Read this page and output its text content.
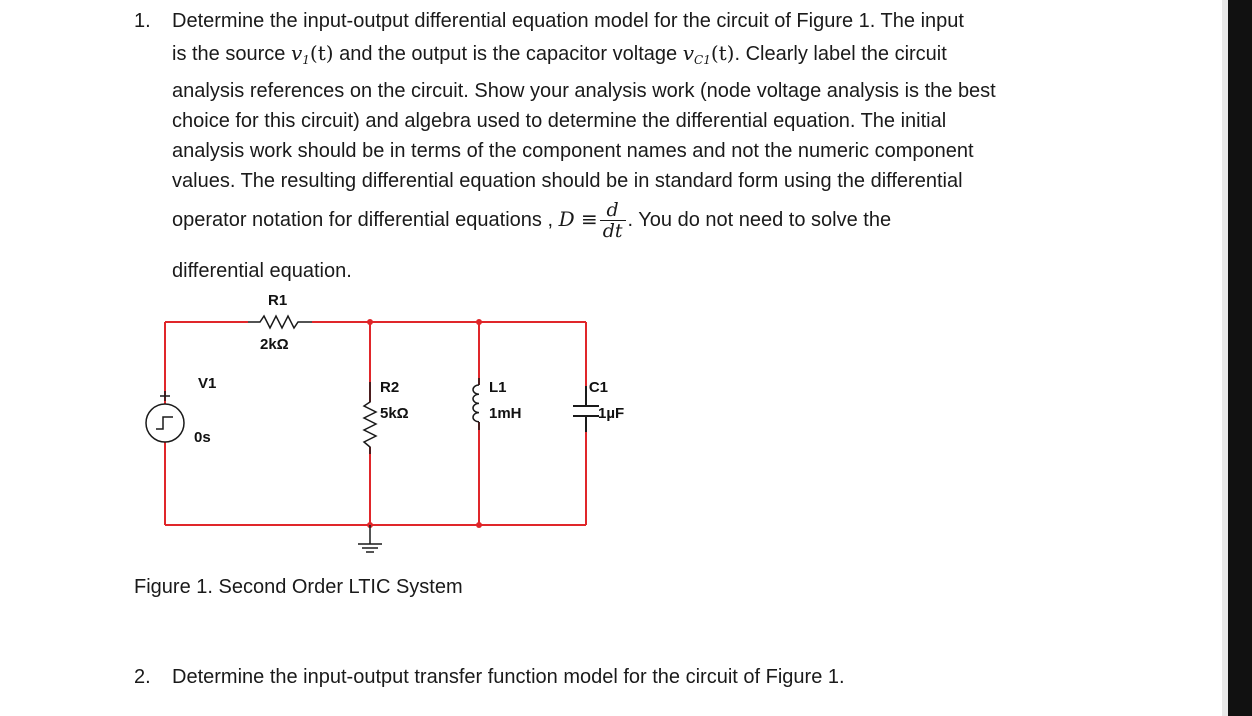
1. Determine the input-output differential equation model for the circuit of Figure 1. The input
is the source $v_1(t)$ and the output is the capacitor voltage $v_{C1}(t)$. Clearly label the circuit
analysis references on the circuit. Show your analysis work (node voltage analysis is the best
choice for this circuit) and algebra used to determine the differential equation. The initial
analysis work should be in terms of the component names and not the numeric component
values. The resulting differential equation should be in standard form using the differential
operator notation for differential equations , $D \equiv \frac{d}{dt}$ . You do not need to solve the
differential equation.
R1
2kΩ
V1
0s
R2
5kΩ
L1
1mH
C1
1µF
Figure 1. Second Order LTIC System
2. Determine the input-output transfer function model for the circuit of Figure 1.
